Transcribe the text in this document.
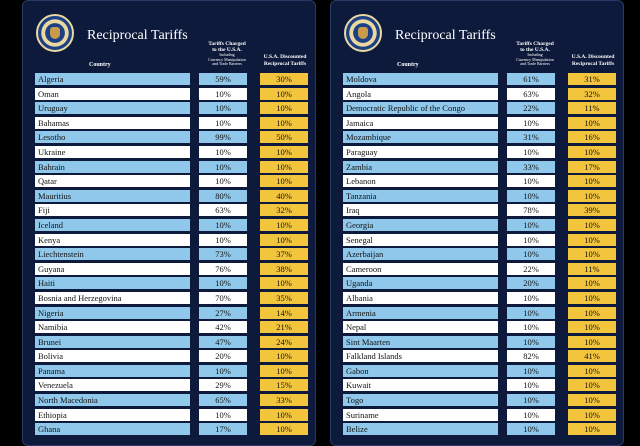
Reciprocal Tariffs
Tariffs Charged
to the U.S.A.
Including
Currency Manipulation
and Trade Barriers
U.S.A. Discounted
Reciprocal Tariffs
Country
Algeria	59%	30%
Oman	10%	10%
Uruguay	10%	10%
Bahamas	10%	10%
Lesotho	99%	50%
Ukraine	10%	10%
Bahrain	10%	10%
Qatar	10%	10%
Mauritius	80%	40%
Fiji	63%	32%
Iceland	10%	10%
Kenya	10%	10%
Liechtenstein	73%	37%
Guyana	76%	38%
Haiti	10%	10%
Bosnia and Herzegovina	70%	35%
Nigeria	27%	14%
Namibia	42%	21%
Brunei	47%	24%
Bolivia	20%	10%
Panama	10%	10%
Venezuela	29%	15%
North Macedonia	65%	33%
Ethiopia	10%	10%
Ghana	17%	10%
Reciprocal Tariffs
Tariffs Charged
to the U.S.A.
Including
Currency Manipulation
and Trade Barriers
U.S.A. Discounted
Reciprocal Tariffs
Country
Moldova	61%	31%
Angola	63%	32%
Democratic Republic of the Congo	22%	11%
Jamaica	10%	10%
Mozambique	31%	16%
Paraguay	10%	10%
Zambia	33%	17%
Lebanon	10%	10%
Tanzania	10%	10%
Iraq	78%	39%
Georgia	10%	10%
Senegal	10%	10%
Azerbaijan	10%	10%
Cameroon	22%	11%
Uganda	20%	10%
Albania	10%	10%
Armenia	10%	10%
Nepal	10%	10%
Sint Maarten	10%	10%
Falkland Islands	82%	41%
Gabon	10%	10%
Kuwait	10%	10%
Togo	10%	10%
Suriname	10%	10%
Belize	10%	10%
